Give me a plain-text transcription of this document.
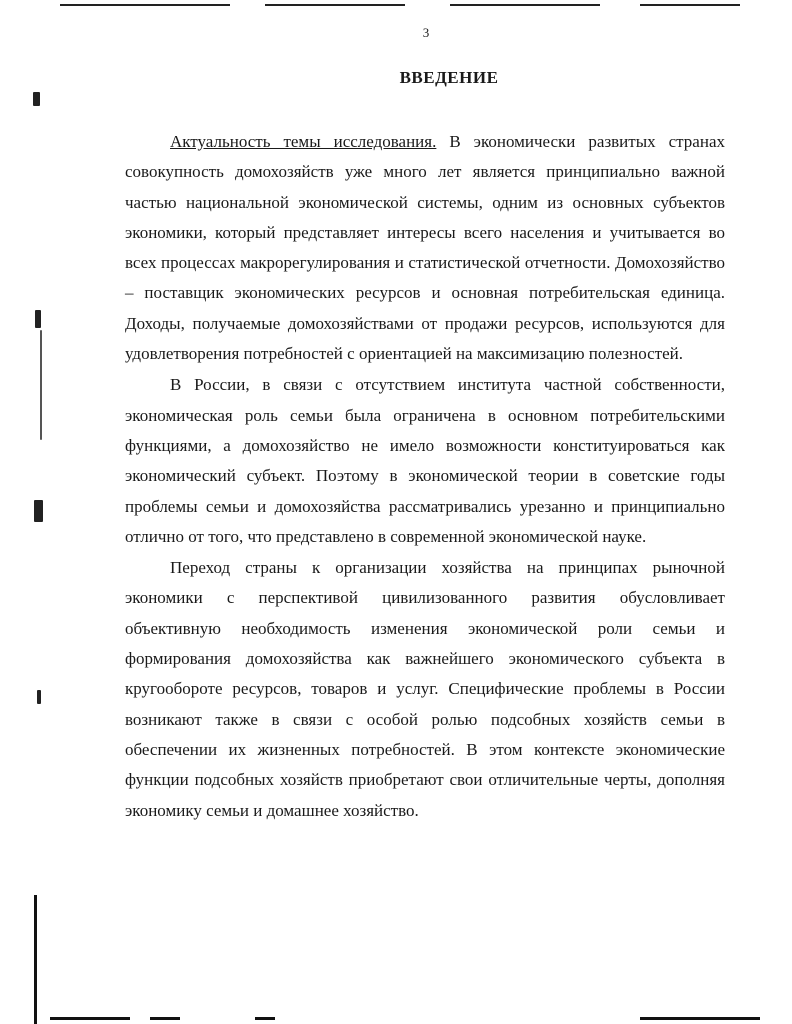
3
ВВЕДЕНИЕ

Актуальность темы исследования. В экономически развитых странах совокупность домохозяйств уже много лет является принципиально важной частью национальной экономической системы, одним из основных субъектов экономики, который представляет интересы всего населения и учитывается во всех процессах макрорегулирования и статистической отчетности. Домохозяйство – поставщик экономических ресурсов и основная потребительская единица. Доходы, получаемые домохозяйствами от продажи ресурсов, используются для удовлетворения потребностей с ориентацией на максимизацию полезностей.

В России, в связи с отсутствием института частной собственности, экономическая роль семьи была ограничена в основном потребительскими функциями, а домохозяйство не имело возможности конституироваться как экономический субъект. Поэтому в экономической теории в советские годы проблемы семьи и домохозяйства рассматривались урезанно и принципиально отлично от того, что представлено в современной экономической науке.

Переход страны к организации хозяйства на принципах рыночной экономики с перспективой цивилизованного развития обусловливает объективную необходимость изменения экономической роли семьи и формирования домохозяйства как важнейшего экономического субъекта в кругообороте ресурсов, товаров и услуг. Специфические проблемы в России возникают также в связи с особой ролью подсобных хозяйств семьи в обеспечении их жизненных потребностей. В этом контексте экономические функции подсобных хозяйств приобретают свои отличительные черты, дополняя экономику семьи и домашнее хозяйство.
